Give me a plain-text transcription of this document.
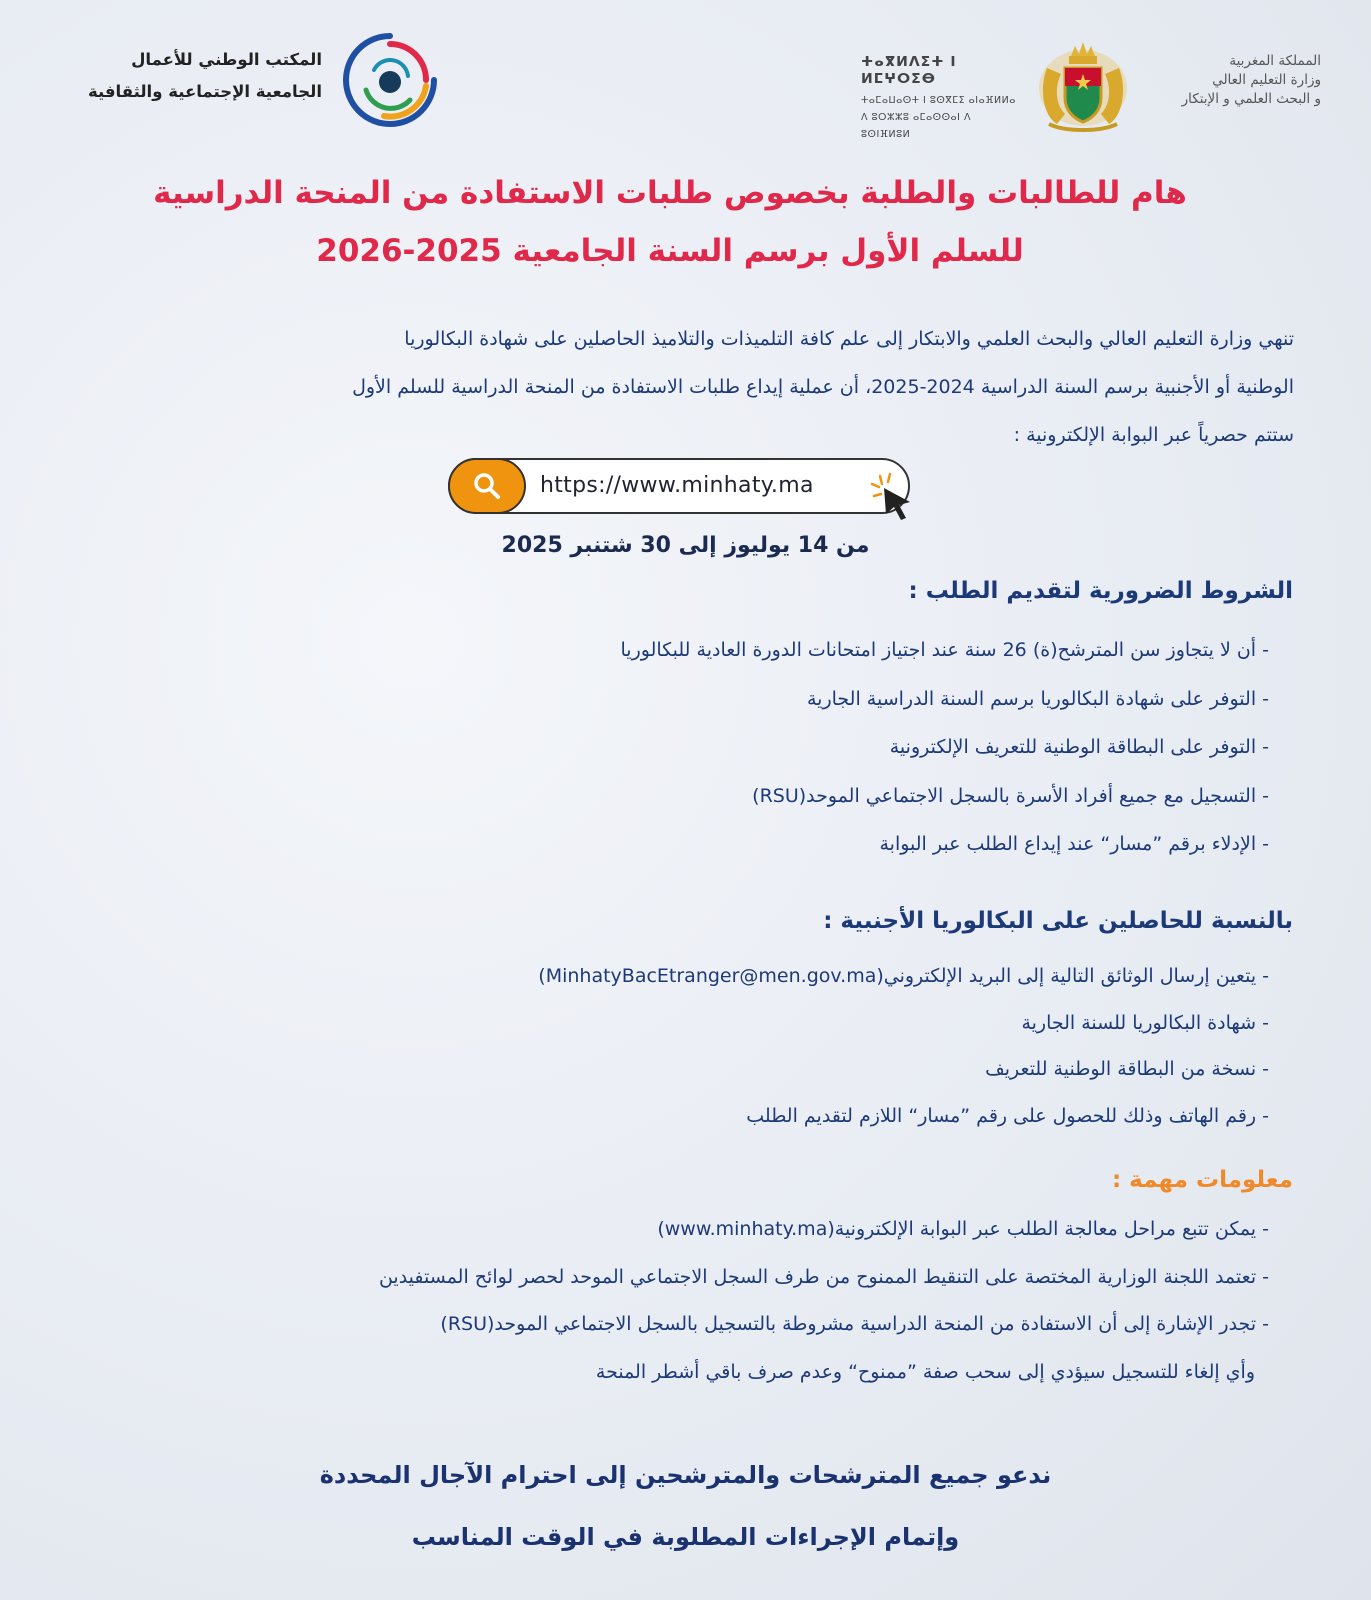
المملكة المغربية
وزارة التعليم العالي
و البحث العلمي و الإبتكار
ⵜⴰⴳⵍⴷⵉⵜ ⵏ ⵍⵎⵖⵔⵉⴱ
ⵜⴰⵎⴰⵡⴰⵙⵜ ⵏ ⵓⵙⴳⵎⵉ ⴰⵏⴰⴼⵍⵍⴰ
ⴷ ⵓⵔⵣⵣⵓ ⴰⵎⴰⵙⵙⴰⵏ ⴷ ⵓⵙⵏⴼⵍⵓⵍ
المكتب الوطني للأعمال
الجامعية الإجتماعية والثقافية
هام للطالبات والطلبة بخصوص طلبات الاستفادة من المنحة الدراسية
للسلم الأول برسم السنة الجامعية 2025-2026
تنهي وزارة التعليم العالي والبحث العلمي والابتكار إلى علم كافة التلميذات والتلاميذ الحاصلين على شهادة البكالوريا
الوطنية أو الأجنبية برسم السنة الدراسية 2024-2025، أن عملية إيداع طلبات الاستفادة من المنحة الدراسية للسلم الأول
ستتم حصرياً عبر البوابة الإلكترونية :
https://www.minhaty.ma
من 14 يوليوز إلى 30 شتنبر 2025
الشروط الضرورية لتقديم الطلب :
- أن لا يتجاوز سن المترشح(ة) 26 سنة عند اجتياز امتحانات الدورة العادية للبكالوريا
- التوفر على شهادة البكالوريا برسم السنة الدراسية الجارية
- التوفر على البطاقة الوطنية للتعريف الإلكترونية
- التسجيل مع جميع أفراد الأسرة بالسجل الاجتماعي الموحد(RSU)
- الإدلاء برقم ”مسار“ عند إيداع الطلب عبر البوابة
بالنسبة للحاصلين على البكالوريا الأجنبية :
- يتعين إرسال الوثائق التالية إلى البريد الإلكتروني(MinhatyBacEtranger@men.gov.ma)
- شهادة البكالوريا للسنة الجارية
- نسخة من البطاقة الوطنية للتعريف
- رقم الهاتف وذلك للحصول على رقم ”مسار“ اللازم لتقديم الطلب
معلومات مهمة :
- يمكن تتبع مراحل معالجة الطلب عبر البوابة الإلكترونية(www.minhaty.ma)
- تعتمد اللجنة الوزارية المختصة على التنقيط الممنوح من طرف السجل الاجتماعي الموحد لحصر لوائح المستفيدين
- تجدر الإشارة إلى أن الاستفادة من المنحة الدراسية مشروطة بالتسجيل بالسجل الاجتماعي الموحد(RSU)
وأي إلغاء للتسجيل سيؤدي إلى سحب صفة ”ممنوح“ وعدم صرف باقي أشطر المنحة
ندعو جميع المترشحات والمترشحين إلى احترام الآجال المحددة
وإتمام الإجراءات المطلوبة في الوقت المناسب
